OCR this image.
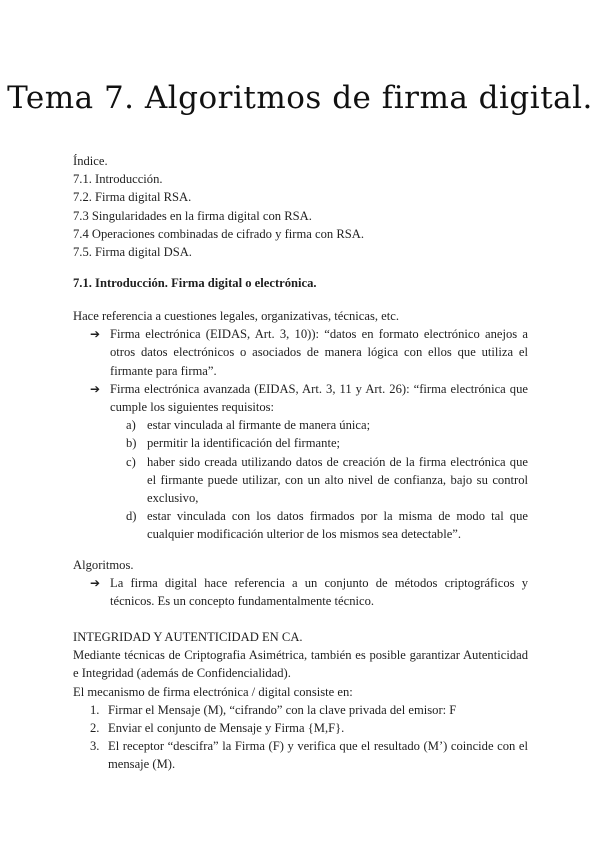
Tema 7. Algoritmos de firma digital.
Índice.
7.1. Introducción.
7.2. Firma digital RSA.
7.3 Singularidades en la firma digital con RSA.
7.4 Operaciones combinadas de cifrado y firma con RSA.
7.5. Firma digital DSA.
7.1. Introducción. Firma digital o electrónica.
Hace referencia a cuestiones legales, organizativas, técnicas, etc.
➔ Firma electrónica (EIDAS, Art. 3, 10)): “datos en formato electrónico anejos a otros datos electrónicos o asociados de manera lógica con ellos que utiliza el firmante para firma”.
➔ Firma electrónica avanzada (EIDAS, Art. 3, 11 y Art. 26): “firma electrónica que cumple los siguientes requisitos:
a) estar vinculada al firmante de manera única;
b) permitir la identificación del firmante;
c) haber sido creada utilizando datos de creación de la firma electrónica que el firmante puede utilizar, con un alto nivel de confianza, bajo su control exclusivo,
d) estar vinculada con los datos firmados por la misma de modo tal que cualquier modificación ulterior de los mismos sea detectable”.
Algoritmos.
➔ La firma digital hace referencia a un conjunto de métodos criptográficos y técnicos. Es un concepto fundamentalmente técnico.
INTEGRIDAD Y AUTENTICIDAD EN CA.
Mediante técnicas de Criptografia Asimétrica, también es posible garantizar Autenticidad e Integridad (además de Confidencialidad).
El mecanismo de firma electrónica / digital consiste en:
1. Firmar el Mensaje (M), “cifrando” con la clave privada del emisor: F
2. Enviar el conjunto de Mensaje y Firma {M,F}.
3. El receptor “descifra” la Firma (F) y verifica que el resultado (M’) coincide con el mensaje (M).
